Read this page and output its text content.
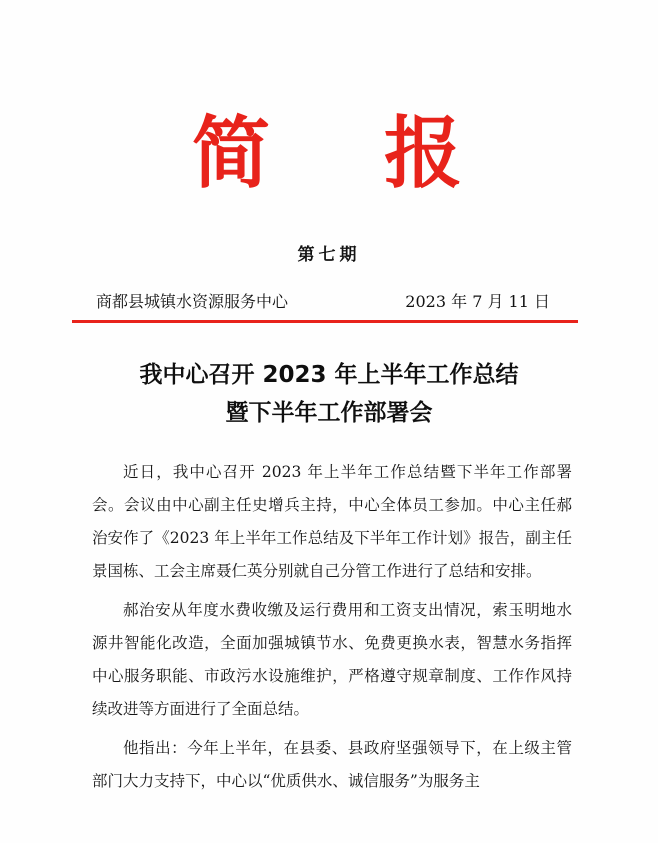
简 报
第七期
商都县城镇水资源服务中心	2023 年 7 月 11 日
我中心召开 2023 年上半年工作总结
暨下半年工作部署会

近日，我中心召开 2023 年上半年工作总结暨下半年工作部署会。会议由中心副主任史增兵主持，中心全体员工参加。中心主任郝治安作了《2023 年上半年工作总结及下半年工作计划》报告，副主任景国栋、工会主席聂仁英分别就自己分管工作进行了总结和安排。

郝治安从年度水费收缴及运行费用和工资支出情况，索玉明地水源井智能化改造，全面加强城镇节水、免费更换水表，智慧水务指挥中心服务职能、市政污水设施维护，严格遵守规章制度、工作作风持续改进等方面进行了全面总结。

他指出：今年上半年，在县委、县政府坚强领导下，在上级主管部门大力支持下，中心以“优质供水、诚信服务”为服务主
